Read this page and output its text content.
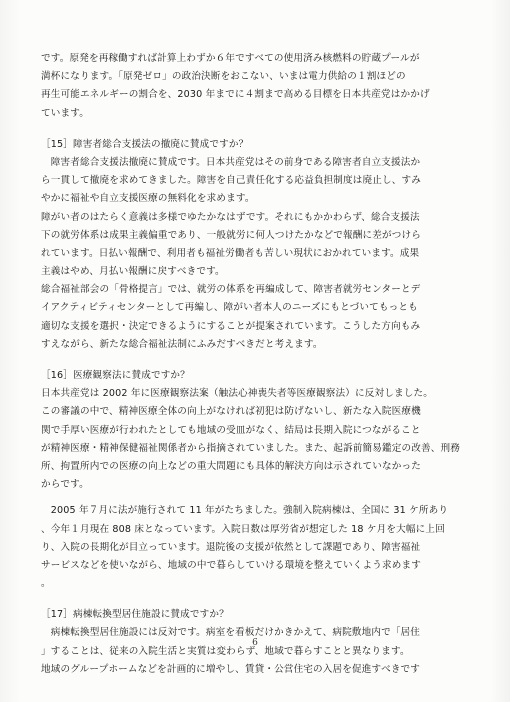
です。原発を再稼働すれば計算上わずか６年ですべての使用済み核燃料の貯蔵プールが
満杯になります。「原発ゼロ」の政治決断をおこない、いまは電力供給の１割ほどの
再生可能エネルギーの割合を、2030 年までに４割まで高める目標を日本共産党はかかげ
ています。
［15］障害者総合支援法の撤廃に賛成ですか？
　障害者総合支援法撤廃に賛成です。日本共産党はその前身である障害者自立支援法か
ら一貫して撤廃を求めてきました。障害を自己責任化する応益負担制度は廃止し、すみ
やかに福祉や自立支援医療の無料化を求めます。
障がい者のはたらく意義は多様でゆたかなはずです。それにもかかわらず、総合支援法
下の就労体系は成果主義偏重であり、一般就労に何人つけたかなどで報酬に差がつけら
れています。日払い報酬で、利用者も福祉労働者も苦しい現状におかれています。成果
主義はやめ、月払い報酬に戻すべきです。
総合福祉部会の「骨格提言」では、就労の体系を再編成して、障害者就労センターとデ
イアクティビティセンターとして再編し、障がい者本人のニーズにもとづいてもっとも
適切な支援を選択・決定できるようにすることが提案されています。こうした方向もみ
すえながら、新たな総合福祉法制にふみだすべきだと考えます。
［16］医療観察法に賛成ですか？
日本共産党は 2002 年に医療観察法案（触法心神喪失者等医療観察法）に反対しました。
この審議の中で、精神医療全体の向上がなければ初犯は防げないし、新たな入院医療機
関で手厚い医療が行われたとしても地域の受皿がなく、結局は長期入院につながること
が精神医療・精神保健福祉関係者から指摘されていました。また、起訴前簡易鑑定の改善、刑務
所、拘置所内での医療の向上などの重大問題にも具体的解決方向は示されていなかった
からです。
　2005 年７月に法が施行されて 11 年がたちました。強制入院病棟は、全国に 31 ケ所あり
、今年１月現在 808 床となっています。入院日数は厚労省が想定した 18 ケ月を大幅に上回
り、入院の長期化が目立っています。退院後の支援が依然として課題であり、障害福祉
サービスなどを使いながら、地域の中で暮らしていける環境を整えていくよう求めます
。
［17］病棟転換型居住施設に賛成ですか？
　病棟転換型居住施設には反対です。病室を看板だけかきかえて、病院敷地内で「居住
」することは、従来の入院生活と実質は変わらず、地域で暮らすことと異なります。
地域のグループホームなどを計画的に増やし、賃貸・公営住宅の入居を促進すべきです
6
